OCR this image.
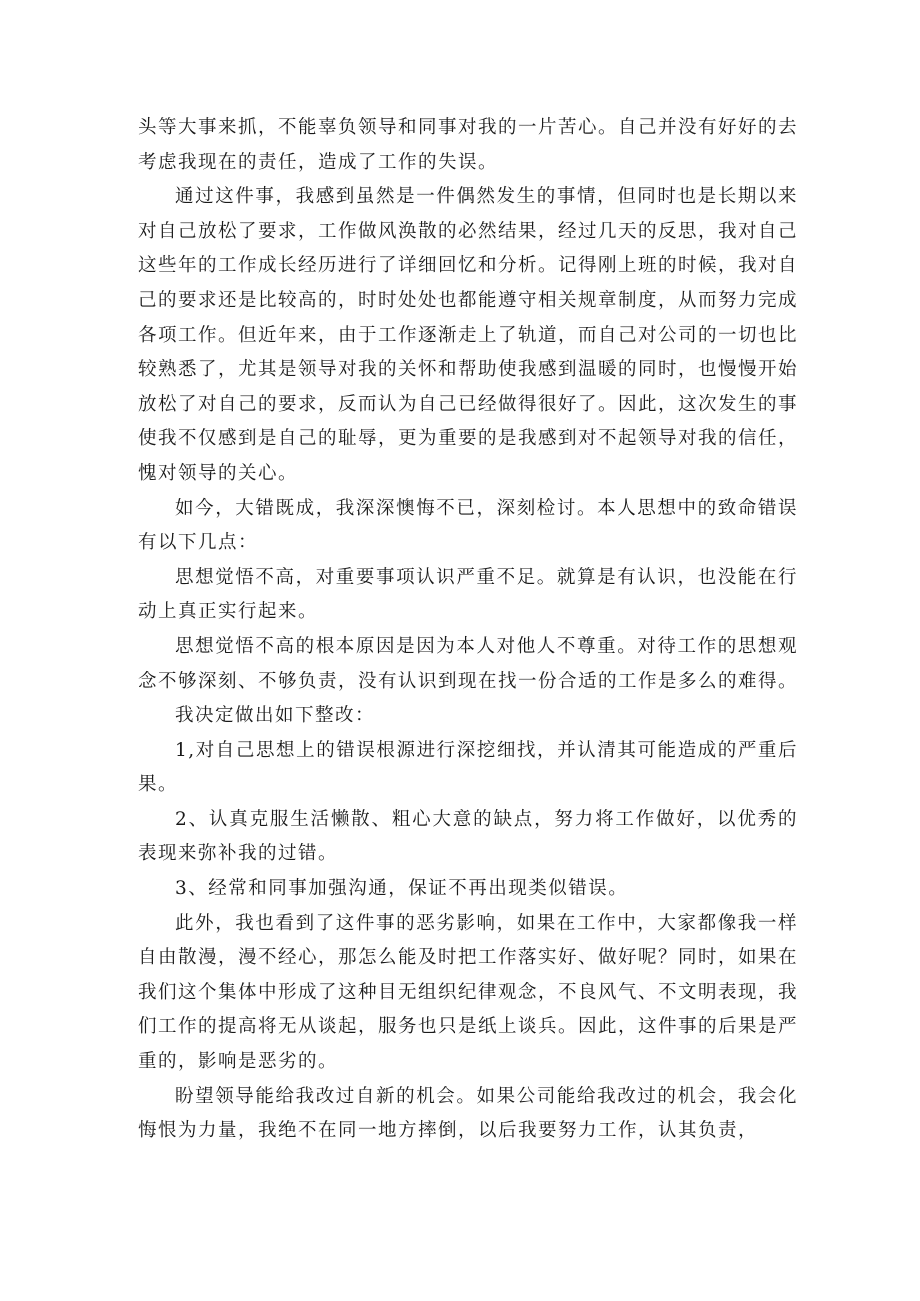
头等大事来抓，不能辜负领导和同事对我的一片苦心。自己并没有好好的去考虑我现在的责任，造成了工作的失误。

通过这件事，我感到虽然是一件偶然发生的事情，但同时也是长期以来对自己放松了要求，工作做风涣散的必然结果，经过几天的反思，我对自己这些年的工作成长经历进行了详细回忆和分析。记得刚上班的时候，我对自己的要求还是比较高的，时时处处也都能遵守相关规章制度，从而努力完成各项工作。但近年来，由于工作逐渐走上了轨道，而自己对公司的一切也比较熟悉了，尤其是领导对我的关怀和帮助使我感到温暖的同时，也慢慢开始放松了对自己的要求，反而认为自己已经做得很好了。因此，这次发生的事使我不仅感到是自己的耻辱，更为重要的是我感到对不起领导对我的信任，愧对领导的关心。

如今，大错既成，我深深懊悔不已，深刻检讨。本人思想中的致命错误有以下几点：

思想觉悟不高，对重要事项认识严重不足。就算是有认识，也没能在行动上真正实行起来。

思想觉悟不高的根本原因是因为本人对他人不尊重。对待工作的思想观念不够深刻、不够负责，没有认识到现在找一份合适的工作是多么的难得。

我决定做出如下整改：

1,对自己思想上的错误根源进行深挖细找，并认清其可能造成的严重后果。

2、认真克服生活懒散、粗心大意的缺点，努力将工作做好，以优秀的表现来弥补我的过错。

3、经常和同事加强沟通，保证不再出现类似错误。

此外，我也看到了这件事的恶劣影响，如果在工作中，大家都像我一样自由散漫，漫不经心，那怎么能及时把工作落实好、做好呢？同时，如果在我们这个集体中形成了这种目无组织纪律观念，不良风气、不文明表现，我们工作的提高将无从谈起，服务也只是纸上谈兵。因此，这件事的后果是严重的，影响是恶劣的。

盼望领导能给我改过自新的机会。如果公司能给我改过的机会，我会化悔恨为力量，我绝不在同一地方摔倒，以后我要努力工作，认其负责，
